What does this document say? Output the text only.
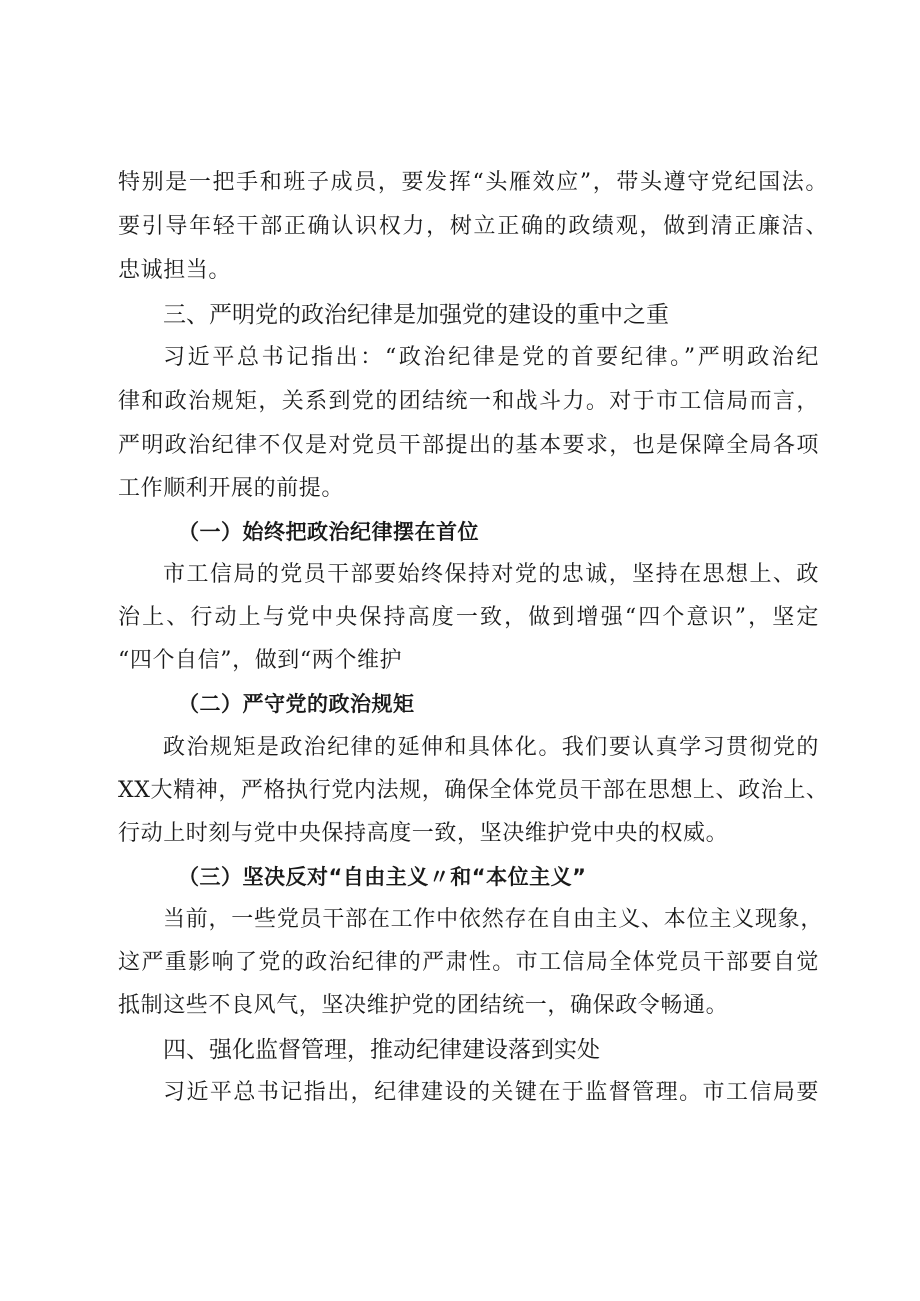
特别是一把手和班子成员，要发挥“头雁效应”，带头遵守党纪国法。
要引导年轻干部正确认识权力，树立正确的政绩观，做到清正廉洁、
忠诚担当。
三、严明党的政治纪律是加强党的建设的重中之重
习近平总书记指出：“政治纪律是党的首要纪律。”严明政治纪
律和政治规矩，关系到党的团结统一和战斗力。对于市工信局而言，
严明政治纪律不仅是对党员干部提出的基本要求，也是保障全局各项
工作顺利开展的前提。
（一）始终把政治纪律摆在首位
市工信局的党员干部要始终保持对党的忠诚，坚持在思想上、政
治上、行动上与党中央保持高度一致，做到增强“四个意识”，坚定
“四个自信”，做到“两个维护
（二）严守党的政治规矩
政治规矩是政治纪律的延伸和具体化。我们要认真学习贯彻党的
XX大精神，严格执行党内法规，确保全体党员干部在思想上、政治上、
行动上时刻与党中央保持高度一致，坚决维护党中央的权威。
（三）坚决反对“自由主义〃和“本位主义”
当前，一些党员干部在工作中依然存在自由主义、本位主义现象，
这严重影响了党的政治纪律的严肃性。市工信局全体党员干部要自觉
抵制这些不良风气，坚决维护党的团结统一，确保政令畅通。
四、强化监督管理，推动纪律建设落到实处
习近平总书记指出，纪律建设的关键在于监督管理。市工信局要
